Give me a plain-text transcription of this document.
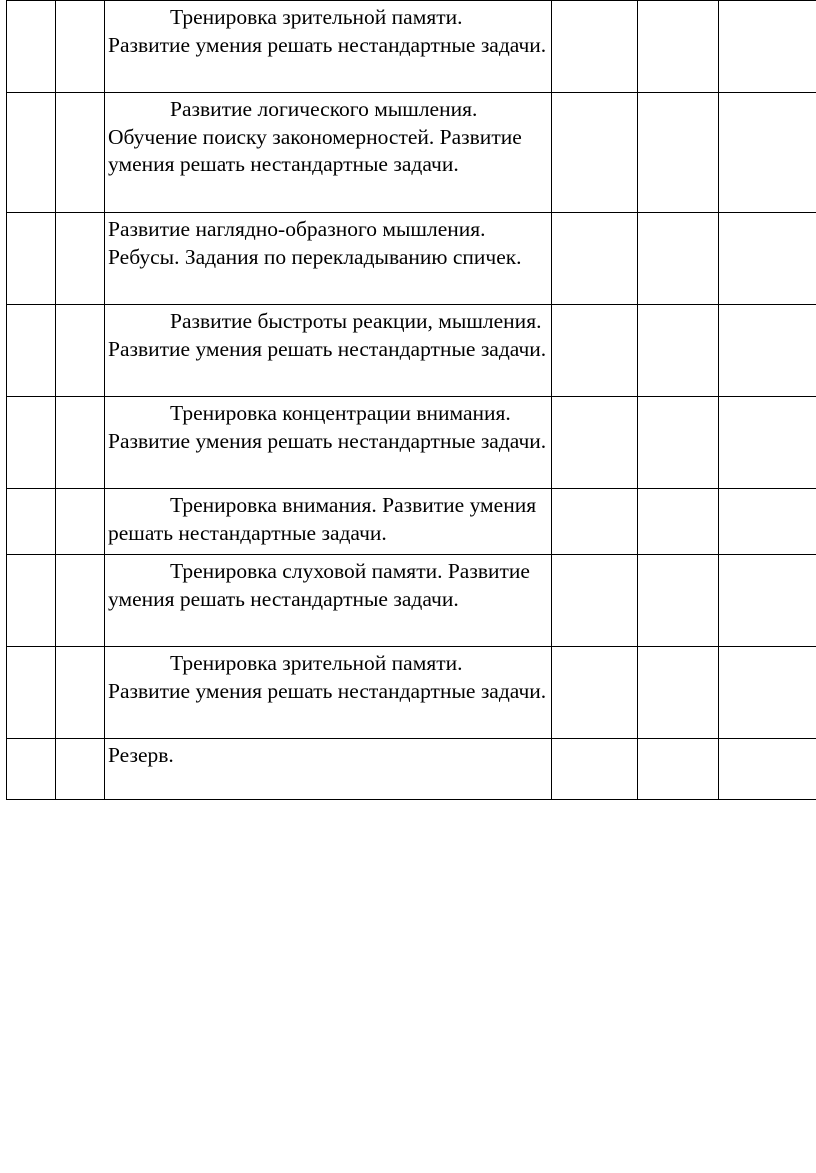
		Тренировка зрительной памяти. Развитие умения решать нестандартные задачи.			

		Развитие логического мышления. Обучение поиску закономерностей. Развитие умения решать нестандартные задачи.			

		Развитие наглядно-образного мышления. Ребусы. Задания по перекладыванию спичек.			

		Развитие быстроты реакции, мышления. Развитие умения решать нестандартные задачи.			

		Тренировка концентрации внимания. Развитие умения решать нестандартные задачи.			

		Тренировка внимания. Развитие умения решать нестандартные задачи.			

		Тренировка слуховой памяти. Развитие умения решать нестандартные задачи.			

		Тренировка зрительной памяти. Развитие умения решать нестандартные задачи.			

		Резерв.			
